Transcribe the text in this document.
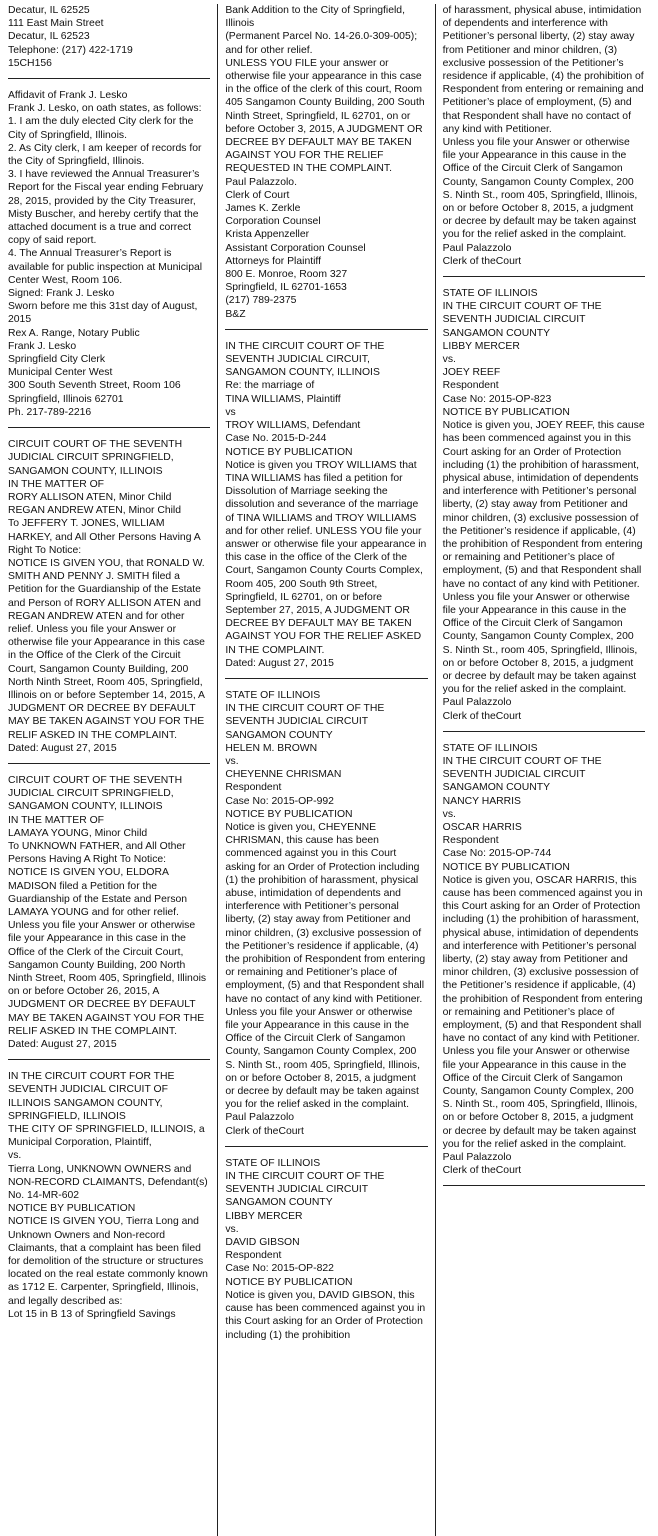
Decatur, IL 62525
111 East Main Street
Decatur, IL 62523
Telephone: (217) 422-1719
15CH156
Affidavit of Frank J. Lesko
Frank J. Lesko, on oath states, as follows:
1. I am the duly elected City clerk for the City of Springfield, Illinois.
2. As City clerk, I am keeper of records for the City of Springfield, Illinois.
3. I have reviewed the Annual Treasurer’s Report for the Fiscal year ending February 28, 2015, provided by the City Treasurer, Misty Buscher, and hereby certify that the attached document is a true and correct copy of said report.
4. The Annual Treasurer’s Report is available for public inspection at Municipal Center West, Room 106.
Signed: Frank J. Lesko
Sworn before me this 31st day of August, 2015
Rex A. Range, Notary Public
Frank J. Lesko
Springfield City Clerk
Municipal Center West
300 South Seventh Street, Room 106
Springfield, Illinois 62701
Ph. 217-789-2216
CIRCUIT COURT OF THE SEVENTH JUDICIAL CIRCUIT SPRINGFIELD, SANGAMON COUNTY, ILLINOIS
IN THE MATTER OF
RORY ALLISON ATEN, Minor Child
REGAN ANDREW ATEN, Minor Child
To JEFFERY T. JONES, WILLIAM HARKEY, and All Other Persons Having A Right To Notice:
NOTICE IS GIVEN YOU, that RONALD W. SMITH AND PENNY J. SMITH filed a Petition for the Guardianship of the Estate and Person of RORY ALLISON ATEN and REGAN ANDREW ATEN and for other relief. Unless you file your Answer or otherwise file your Appearance in this case in the Office of the Clerk of the Circuit Court, Sangamon County Building, 200 North Ninth Street, Room 405, Springfield, Illinois on or before September 14, 2015, A JUDGMENT OR DECREE BY DEFAULT MAY BE TAKEN AGAINST YOU FOR THE RELIF ASKED IN THE COMPLAINT.
Dated: August 27, 2015
CIRCUIT COURT OF THE SEVENTH JUDICIAL CIRCUIT SPRINGFIELD, SANGAMON COUNTY, ILLINOIS
IN THE MATTER OF
LAMAYA YOUNG, Minor Child
To UNKNOWN FATHER, and All Other Persons Having A Right To Notice:
NOTICE IS GIVEN YOU, ELDORA MADISON filed a Petition for the Guardianship of the Estate and Person LAMAYA YOUNG and for other relief. Unless you file your Answer or otherwise file your Appearance in this case in the Office of the Clerk of the Circuit Court, Sangamon County Building, 200 North Ninth Street, Room 405, Springfield, Illinois on or before October 26, 2015, A JUDGMENT OR DECREE BY DEFAULT MAY BE TAKEN AGAINST YOU FOR THE RELIF ASKED IN THE COMPLAINT.
Dated: August 27, 2015
IN THE CIRCUIT COURT FOR THE SEVENTH JUDICIAL CIRCUIT OF ILLINOIS SANGAMON COUNTY, SPRINGFIELD, ILLINOIS
THE CITY OF SPRINGFIELD, ILLINOIS, a Municipal Corporation, Plaintiff,
vs.
Tierra Long, UNKNOWN OWNERS and NON-RECORD CLAIMANTS, Defendant(s)
No. 14-MR-602
NOTICE BY PUBLICATION
NOTICE IS GIVEN YOU, Tierra Long and Unknown Owners and Non-record Claimants, that a complaint has been filed for demolition of the structure or structures located on the real estate commonly known as 1712 E. Carpenter, Springfield, Illinois, and legally described as:
Lot 15 in B 13 of Springfield Savings
Bank Addition to the City of Springfield, Illinois
(Permanent Parcel No. 14-26.0-309-005); and for other relief.
UNLESS YOU FILE your answer or otherwise file your appearance in this case in the office of the clerk of this court, Room 405 Sangamon County Building, 200 South Ninth Street, Springfield, IL 62701, on or before October 3, 2015, A JUDGMENT OR DECREE BY DEFAULT MAY BE TAKEN AGAINST YOU FOR THE RELIEF REQUESTED IN THE COMPLAINT.
Paul Palazzolo.
Clerk of Court
James K. Zerkle
Corporation Counsel
Krista Appenzeller
Assistant Corporation Counsel
Attorneys for Plaintiff
800 E. Monroe, Room 327
Springfield, IL 62701-1653
(217) 789-2375
B&Z
IN THE CIRCUIT COURT OF THE SEVENTH JUDICIAL CIRCUIT, SANGAMON COUNTY, ILLINOIS
Re: the marriage of
TINA WILLIAMS, Plaintiff
vs
TROY WILLIAMS, Defendant
Case No. 2015-D-244
NOTICE BY PUBLICATION
Notice is given you TROY WILLIAMS that TINA WILLIAMS has filed a petition for Dissolution of Marriage seeking the dissolution and severance of the marriage of TINA WILLIAMS and TROY WILLIAMS and for other relief. UNLESS YOU file your answer or otherwise file your appearance in this case in the office of the Clerk of the Court, Sangamon County Courts Complex, Room 405, 200 South 9th Street, Springfield, IL 62701, on or before September 27, 2015, A JUDGMENT OR DECREE BY DEFAULT MAY BE TAKEN AGAINST YOU FOR THE RELIEF ASKED IN THE COMPLAINT.
Dated: August 27, 2015
STATE OF ILLINOIS
IN THE CIRCUIT COURT OF THE SEVENTH JUDICIAL CIRCUIT
SANGAMON COUNTY
HELEN M. BROWN
vs.
CHEYENNE CHRISMAN
Respondent
Case No: 2015-OP-992
NOTICE BY PUBLICATION
Notice is given you, CHEYENNE CHRISMAN, this cause has been commenced against you in this Court asking for an Order of Protection including (1) the prohibition of harassment, physical abuse, intimidation of dependents and interference with Petitioner’s personal liberty, (2) stay away from Petitioner and minor children, (3) exclusive possession of the Petitioner’s residence if applicable, (4) the prohibition of Respondent from entering or remaining and Petitioner’s place of employment, (5) and that Respondent shall have no contact of any kind with Petitioner.
Unless you file your Answer or otherwise file your Appearance in this cause in the Office of the Circuit Clerk of Sangamon County, Sangamon County Complex, 200 S. Ninth St., room 405, Springfield, Illinois, on or before October 8, 2015, a judgment or decree by default may be taken against you for the relief asked in the complaint.
Paul Palazzolo
Clerk of theCourt
STATE OF ILLINOIS
IN THE CIRCUIT COURT OF THE SEVENTH JUDICIAL CIRCUIT
SANGAMON COUNTY
LIBBY MERCER
vs.
DAVID GIBSON
Respondent
Case No: 2015-OP-822
NOTICE BY PUBLICATION
Notice is given you, DAVID GIBSON, this cause has been commenced against you in this Court asking for an Order of Protection including (1) the prohibition
of harassment, physical abuse, intimidation of dependents and interference with Petitioner’s personal liberty, (2) stay away from Petitioner and minor children, (3) exclusive possession of the Petitioner’s residence if applicable, (4) the prohibition of Respondent from entering or remaining and Petitioner’s place of employment, (5) and that Respondent shall have no contact of any kind with Petitioner.
Unless you file your Answer or otherwise file your Appearance in this cause in the Office of the Circuit Clerk of Sangamon County, Sangamon County Complex, 200 S. Ninth St., room 405, Springfield, Illinois, on or before October 8, 2015, a judgment or decree by default may be taken against you for the relief asked in the complaint.
Paul Palazzolo
Clerk of theCourt
STATE OF ILLINOIS
IN THE CIRCUIT COURT OF THE SEVENTH JUDICIAL CIRCUIT
SANGAMON COUNTY
LIBBY MERCER
vs.
JOEY REEF
Respondent
Case No: 2015-OP-823
NOTICE BY PUBLICATION
Notice is given you, JOEY REEF, this cause has been commenced against you in this Court asking for an Order of Protection including (1) the prohibition of harassment, physical abuse, intimidation of dependents and interference with Petitioner’s personal liberty, (2) stay away from Petitioner and minor children, (3) exclusive possession of the Petitioner’s residence if applicable, (4) the prohibition of Respondent from entering or remaining and Petitioner’s place of employment, (5) and that Respondent shall have no contact of any kind with Petitioner.
Unless you file your Answer or otherwise file your Appearance in this cause in the Office of the Circuit Clerk of Sangamon County, Sangamon County Complex, 200 S. Ninth St., room 405, Springfield, Illinois, on or before October 8, 2015, a judgment or decree by default may be taken against you for the relief asked in the complaint.
Paul Palazzolo
Clerk of theCourt
STATE OF ILLINOIS
IN THE CIRCUIT COURT OF THE SEVENTH JUDICIAL CIRCUIT
SANGAMON COUNTY
NANCY HARRIS
vs.
OSCAR HARRIS
Respondent
Case No: 2015-OP-744
NOTICE BY PUBLICATION
Notice is given you, OSCAR HARRIS, this cause has been commenced against you in this Court asking for an Order of Protection including (1) the prohibition of harassment, physical abuse, intimidation of dependents and interference with Petitioner’s personal liberty, (2) stay away from Petitioner and minor children, (3) exclusive possession of the Petitioner’s residence if applicable, (4) the prohibition of Respondent from entering or remaining and Petitioner’s place of employment, (5) and that Respondent shall have no contact of any kind with Petitioner.
Unless you file your Answer or otherwise file your Appearance in this cause in the Office of the Circuit Clerk of Sangamon County, Sangamon County Complex, 200 S. Ninth St., room 405, Springfield, Illinois, on or before October 8, 2015, a judgment or decree by default may be taken against you for the relief asked in the complaint.
Paul Palazzolo
Clerk of theCourt
